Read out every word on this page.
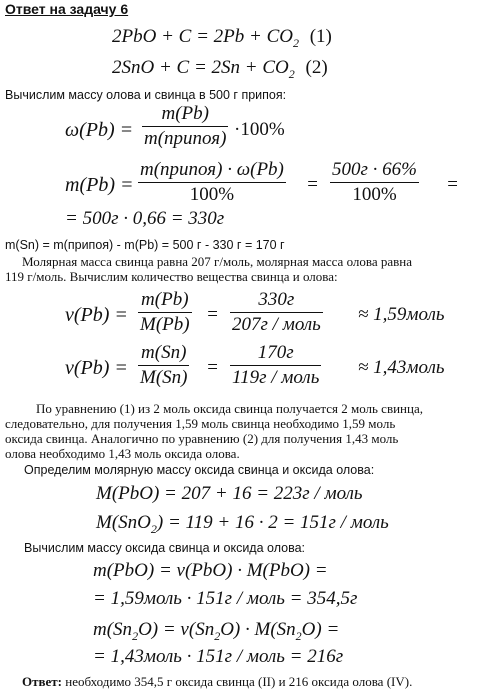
Ответ на задачу 6
$2PbO + C = 2Pb + CO_2$ (1)
$2SnO + C = 2Sn + CO_2$ (2)
Вычислим массу олова и свинца в 500 г припоя:
ω(Pb) =
m(Pb)
m(припоя) ·100%
m(Pb) =
m(припоя) · ω(Pb)
100%	=
500г · 66%
100%	=
= 500г · 0,66 = 330г
m(Sn) = m(припоя) - m(Pb) = 500 г - 330 г = 170 г
Молярная масса свинца равна 207 г/моль, молярная масса олова равна
119 г/моль. Вычислим количество вещества свинца и олова:
$\nu(Pb) = \frac{m(Pb)}{M(Pb)}$ =
330г
207г / моль ≈ 1,59моль
$\nu(Pb) = \frac{m(Sn)}{M(Sn)}$ =
170г
119г / моль ≈ 1,43моль
По уравнению (1) из 2 моль оксида свинца получается 2 моль свинца,
следовательно, для получения 1,59 моль свинца необходимо 1,59 моль
оксида свинца. Аналогично по уравнению (2) для получения 1,43 моль
олова необходимо 1,43 моль оксида олова.
Определим молярную массу оксида свинца и оксида олова:
M(PbO) = 207 + 16 = 223г / моль
M(SnO$_2$) = 119 + 16 · 2 = 151г / моль
Вычислим массу оксида свинца и оксида олова:
m(PbO) = ν(PbO) · M(PbO) =
= 1,59моль · 151г / моль = 354,5г
$m(Sn_2O) = \nu(Sn_2O) \cdot M(Sn_2O)$ =
= 1,43моль · 151г / моль = 216г
Ответ: необходимо 354,5 г оксида свинца (II) и 216 оксида олова (IV).
